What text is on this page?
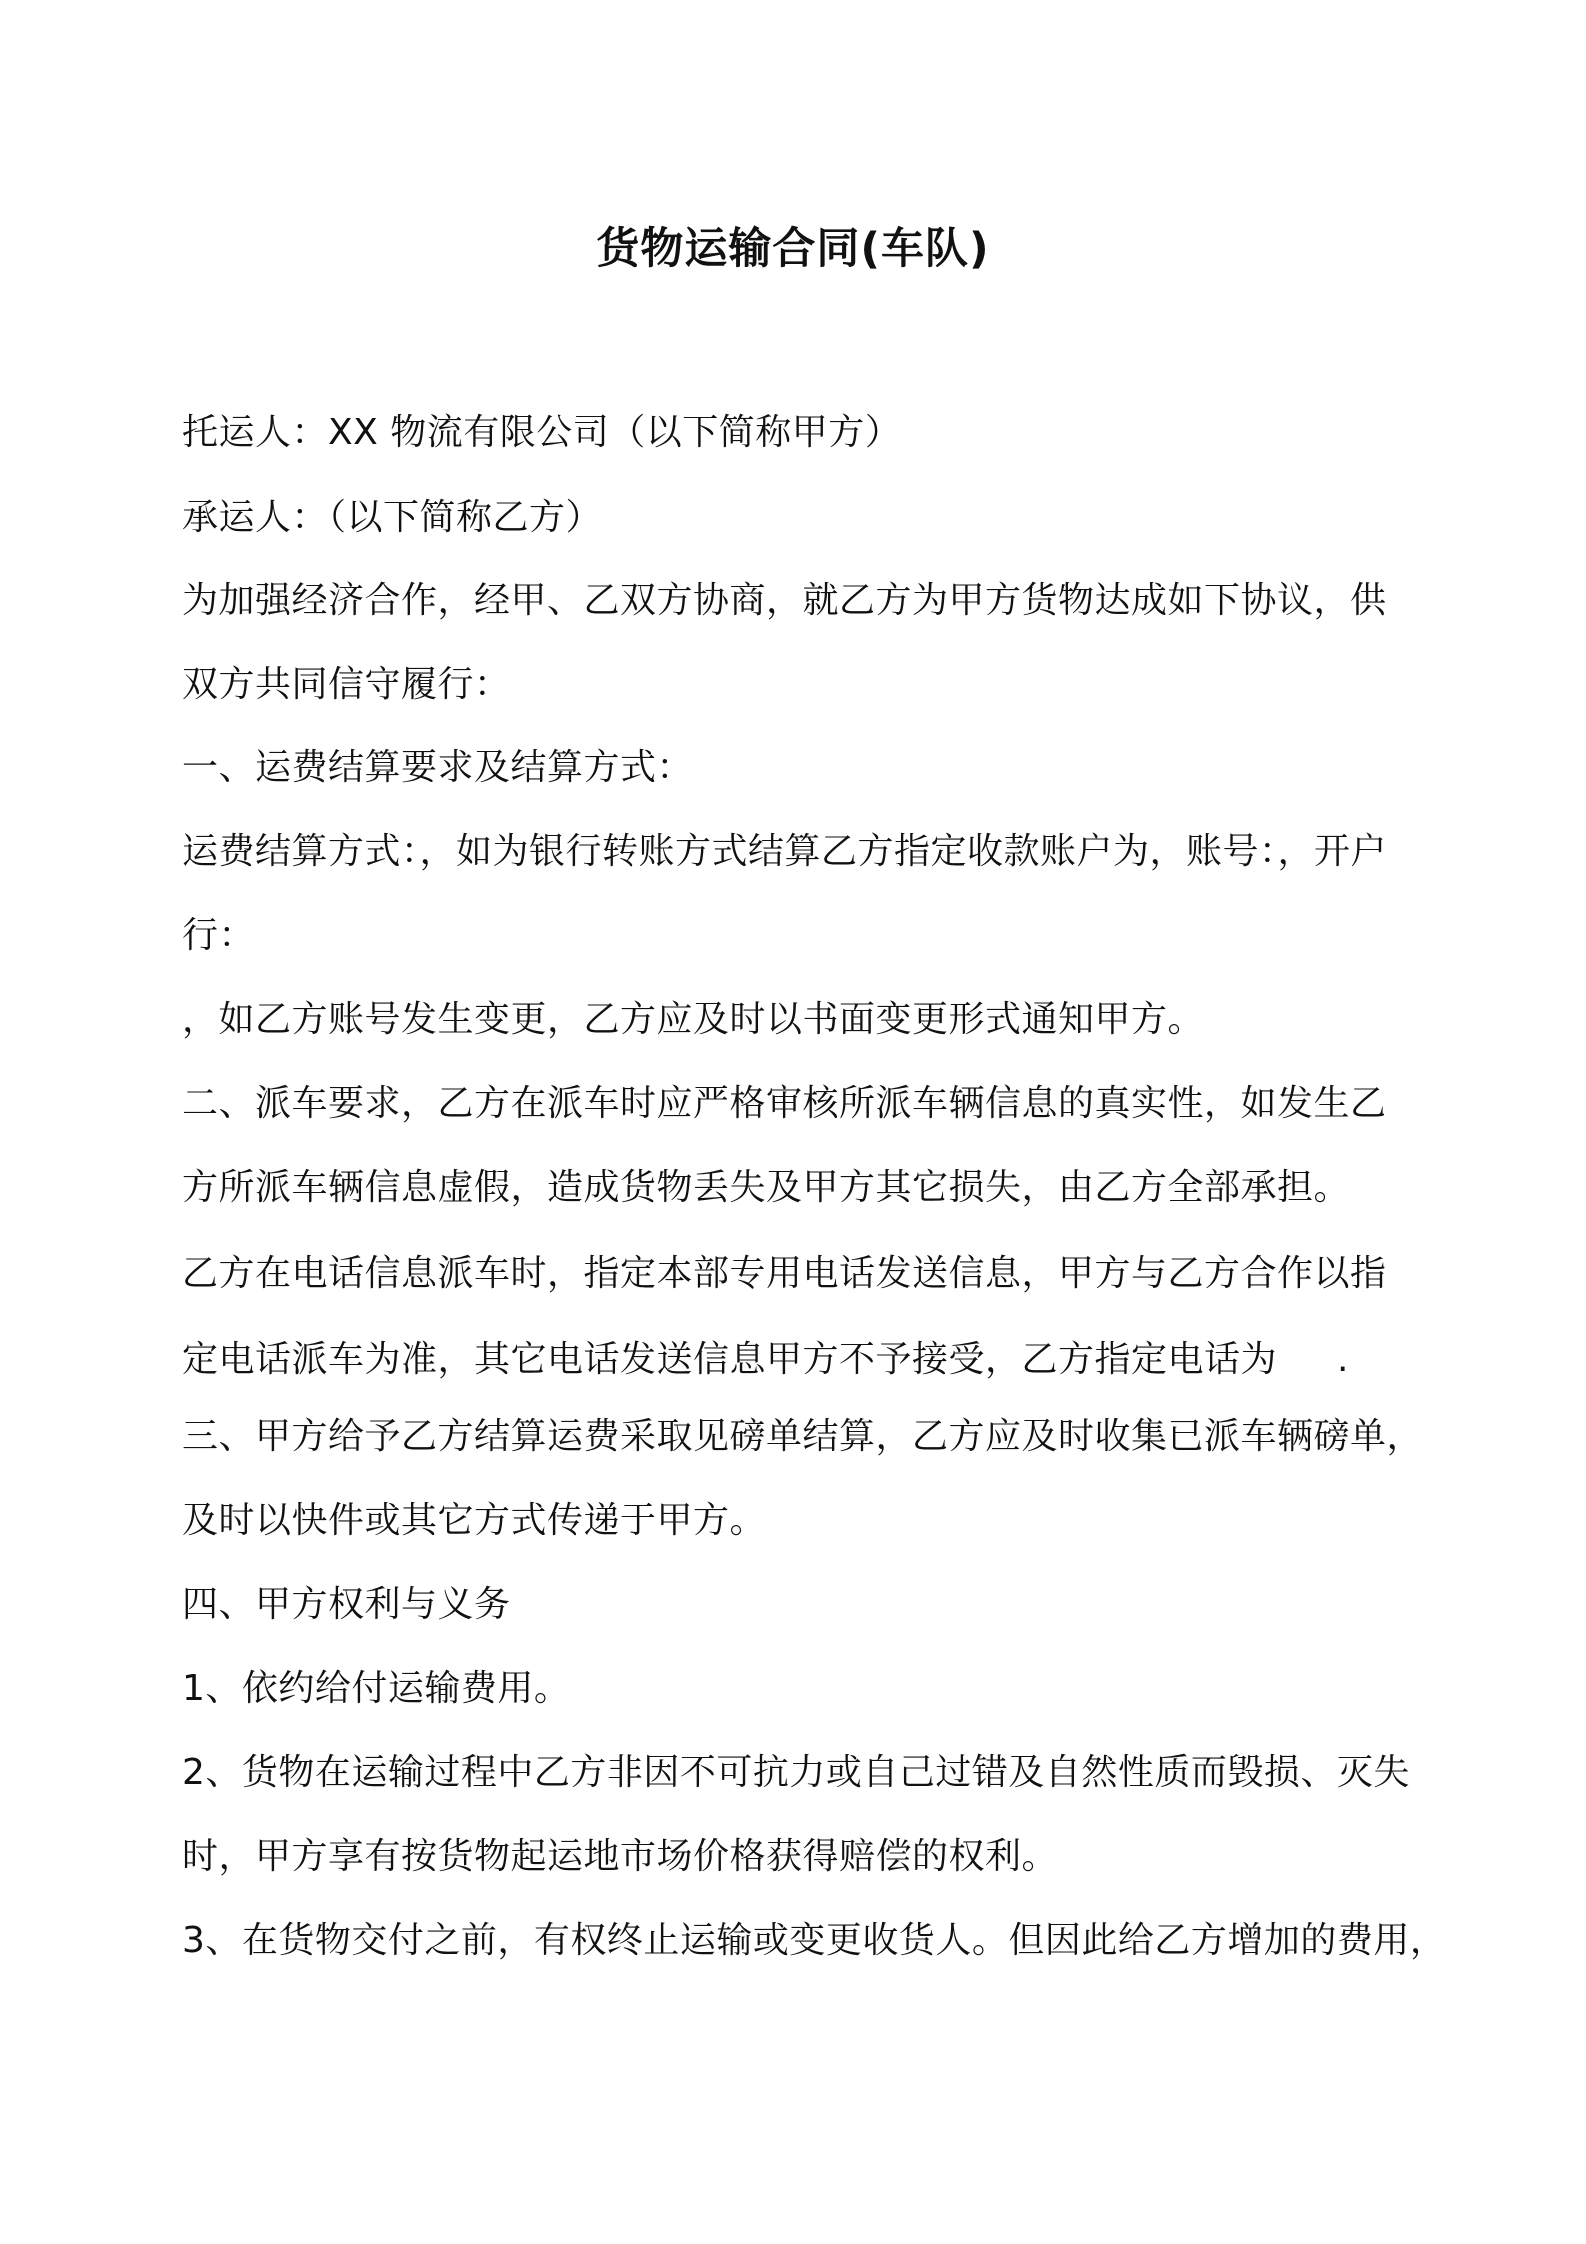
货物运输合同(车队)
托运人：XX 物流有限公司（以下简称甲方）
承运人：（以下简称乙方）
为加强经济合作，经甲、乙双方协商，就乙方为甲方货物达成如下协议，供
双方共同信守履行：
一、运费结算要求及结算方式：
运费结算方式：，如为银行转账方式结算乙方指定收款账户为，账号：，开户
行：
，如乙方账号发生变更，乙方应及时以书面变更形式通知甲方。
二、派车要求，乙方在派车时应严格审核所派车辆信息的真实性，如发生乙
方所派车辆信息虚假，造成货物丢失及甲方其它损失，由乙方全部承担。
乙方在电话信息派车时，指定本部专用电话发送信息，甲方与乙方合作以指
定电话派车为准，其它电话发送信息甲方不予接受，乙方指定电话为 .
三、甲方给予乙方结算运费采取见磅单结算，乙方应及时收集已派车辆磅单，
及时以快件或其它方式传递于甲方。
四、甲方权利与义务
1、依约给付运输费用。
2、货物在运输过程中乙方非因不可抗力或自己过错及自然性质而毁损、灭失
时，甲方享有按货物起运地市场价格获得赔偿的权利。
3、在货物交付之前，有权终止运输或变更收货人。但因此给乙方增加的费用，
